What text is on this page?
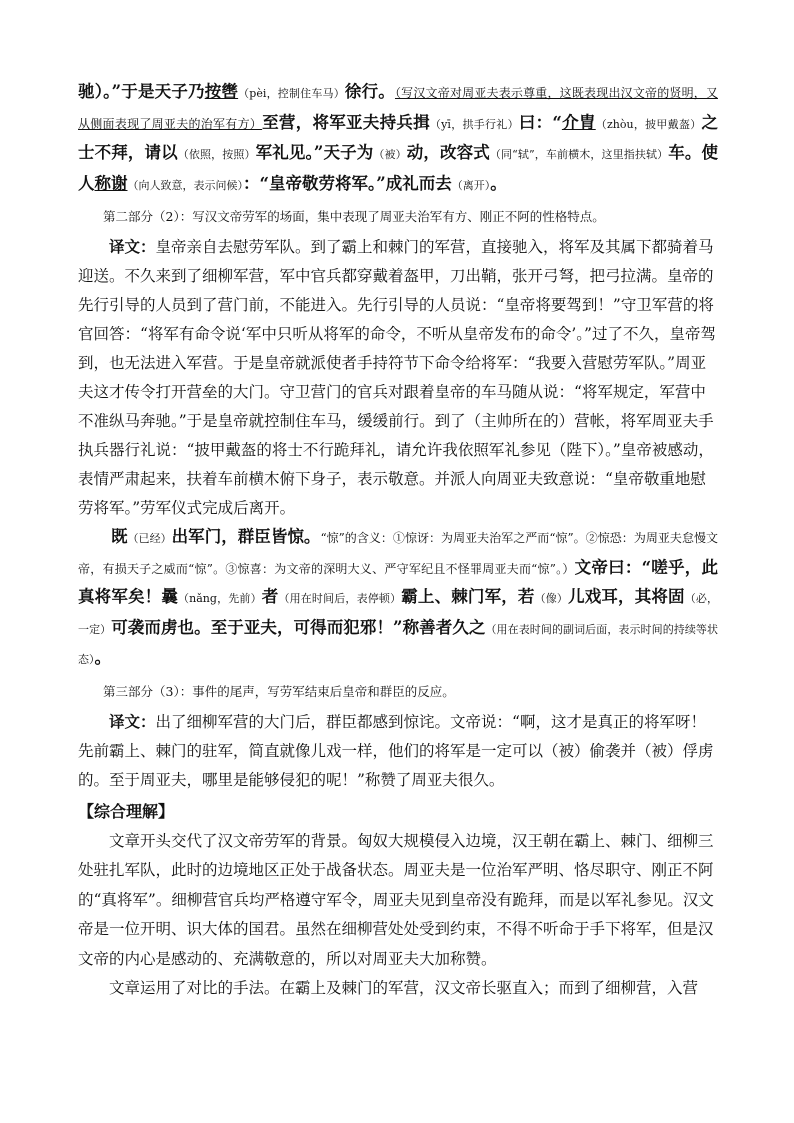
驰）。”于是天子乃按辔（pèi，控制住车马）徐行。（写汉文帝对周亚夫表示尊重，这既表现出汉文帝的贤明，又从侧面表现了周亚夫的治军有方）至营，将军亚夫持兵揖（yī，拱手行礼）曰：“介胄（zhòu，披甲戴盔）之士不拜，请以（依照，按照）军礼见。”天子为（被）动，改容式（同“轼”，车前横木，这里指扶轼）车。使人称谢（向人致意，表示问候）：“皇帝敬劳将军。”成礼而去（离开）。

第二部分（2）：写汉文帝劳军的场面，集中表现了周亚夫治军有方、刚正不阿的性格特点。

译文：皇帝亲自去慰劳军队。到了霸上和棘门的军营，直接驰入，将军及其属下都骑着马迎送。不久来到了细柳军营，军中官兵都穿戴着盔甲，刀出鞘，张开弓弩，把弓拉满。皇帝的先行引导的人员到了营门前，不能进入。先行引导的人员说：“皇帝将要驾到！”守卫军营的将官回答：“将军有命令说‘军中只听从将军的命令，不听从皇帝发布的命令’。”过了不久，皇帝驾到，也无法进入军营。于是皇帝就派使者手持符节下命令给将军：“我要入营慰劳军队。”周亚夫这才传令打开营垒的大门。守卫营门的官兵对跟着皇帝的车马随从说：“将军规定，军营中不准纵马奔驰。”于是皇帝就控制住车马，缓缓前行。到了（主帅所在的）营帐，将军周亚夫手执兵器行礼说：“披甲戴盔的将士不行跪拜礼，请允许我依照军礼参见（陛下）。”皇帝被感动，表情严肃起来，扶着车前横木俯下身子，表示敬意。并派人向周亚夫致意说：“皇帝敬重地慰劳将军。”劳军仪式完成后离开。

既（已经）出军门，群臣皆惊。“惊”的含义：①惊讶：为周亚夫治军之严而“惊”。②惊恐：为周亚夫怠慢文帝，有损天子之威而“惊”。③惊喜：为文帝的深明大义、严守军纪且不怪罪周亚夫而“惊”。）文帝曰：“嗟乎，此真将军矣！曩（nǎng，先前）者（用在时间后，表停顿）霸上、棘门军，若（像）儿戏耳，其将固（必，一定）可袭而虏也。至于亚夫，可得而犯邪！”称善者久之（用在表时间的副词后面，表示时间的持续等状态）。

第三部分（3）：事件的尾声，写劳军结束后皇帝和群臣的反应。

译文：出了细柳军营的大门后，群臣都感到惊诧。文帝说：“啊，这才是真正的将军呀！先前霸上、棘门的驻军，简直就像儿戏一样，他们的将军是一定可以（被）偷袭并（被）俘虏的。至于周亚夫，哪里是能够侵犯的呢！”称赞了周亚夫很久。

【综合理解】

文章开头交代了汉文帝劳军的背景。匈奴大规模侵入边境，汉王朝在霸上、棘门、细柳三处驻扎军队，此时的边境地区正处于战备状态。周亚夫是一位治军严明、恪尽职守、刚正不阿的“真将军”。细柳营官兵均严格遵守军令，周亚夫见到皇帝没有跪拜，而是以军礼参见。汉文帝是一位开明、识大体的国君。虽然在细柳营处处受到约束，不得不听命于手下将军，但是汉文帝的内心是感动的、充满敬意的，所以对周亚夫大加称赞。

文章运用了对比的手法。在霸上及棘门的军营，汉文帝长驱直入；而到了细柳营，入营
